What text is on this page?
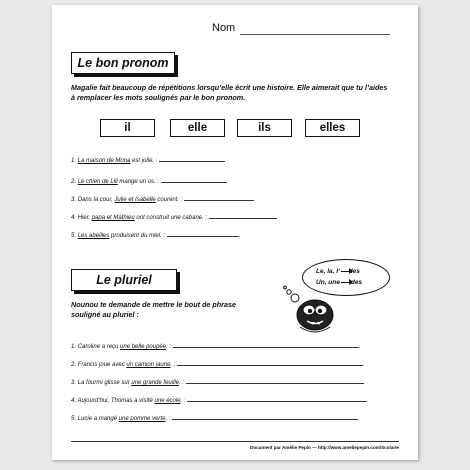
Nom
Le bon pronom
Magalie fait beaucoup de répétitions lorsqu’elle écrit une histoire. Elle aimerait que tu l’aides à remplacer les mots soulignés par le bon pronom.
il	elle	ils	elles
1. La maison de Mona est jolie. :
2. Le chien de Lili mange un os. :
3. Dans la cour, Julie et Isabelle courent. :
4. Hier, papa et Mathieu ont construit une cabane. :
5. Les abeilles produisent du miel. :
Le pluriel
Nounou te demande de mettre le bout de phrase souligné au pluriel :
Le, la, l’ les
Un, une des
1. Caroline a reçu une belle poupée. :
2. Francis joue avec un camion jaune. :
3. La fourmi glisse sur une grande feuille. :
4. Aujourd’hui, Thomas a visité une école. :
5. Lucie a mangé une pomme verte. :
Document par Amélie Pepin — http://www.ameliepepin.com/Scolaire
